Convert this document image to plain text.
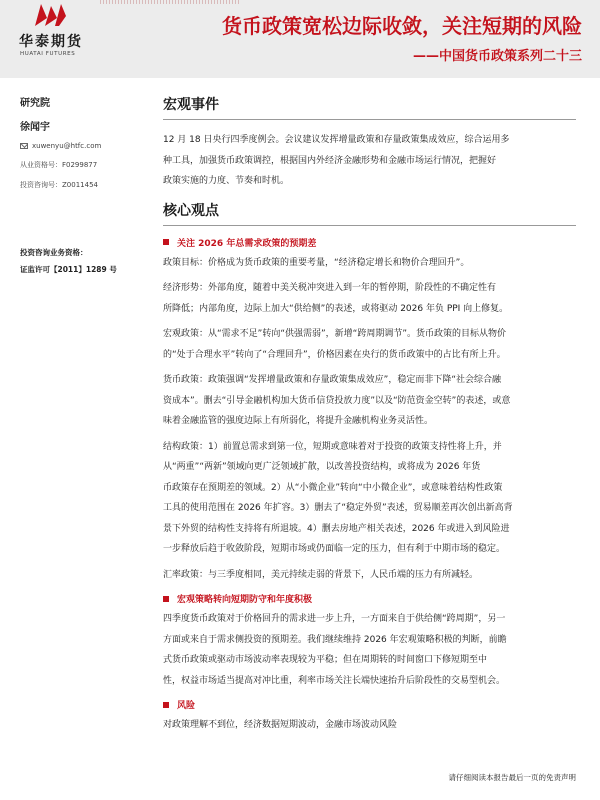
华泰期货
HUATAI FUTURES
货币政策宽松边际收敛，关注短期的风险
——中国货币政策系列二十三
研究院
徐闻宇
xuwenyu@htfc.com
从业资格号：F0299877
投资咨询号：Z0011454
投资咨询业务资格：
证监许可【2011】1289 号
宏观事件
12 月 18 日央行四季度例会。会议建议发挥增量政策和存量政策集成效应，综合运用多
种工具，加强货币政策调控，根据国内外经济金融形势和金融市场运行情况，把握好
政策实施的力度、节奏和时机。
核心观点
关注 2026 年总需求政策的预期差
政策目标：价格成为货币政策的重要考量，“经济稳定增长和物价合理回升”。
经济形势：外部角度，随着中美关税冲突进入到一年的暂停期，阶段性的不确定性有
所降低；内部角度，边际上加大“供给侧”的表述，或将驱动 2026 年负 PPI 向上修复。
宏观政策：从“需求不足”转向“供强需弱”，新增“跨周期调节”。货币政策的目标从物价
的“处于合理水平”转向了“合理回升”，价格因素在央行的货币政策中的占比有所上升。
货币政策：政策强调“发挥增量政策和存量政策集成效应”，稳定而非下降“社会综合融
资成本”。删去“引导金融机构加大货币信贷投放力度”以及“防范资金空转”的表述，或意
味着金融监管的强度边际上有所弱化，将提升金融机构业务灵活性。
结构政策：1）前置总需求到第一位，短期或意味着对于投资的政策支持性将上升，并
从“两重”“两新”领域向更广泛领域扩散，以改善投资结构，或将成为 2026 年货
币政策存在预期差的领域。2）从“小微企业”转向“中小微企业”，或意味着结构性政策
工具的使用范围在 2026 年扩容。3）删去了“稳定外贸”表述，贸易顺差再次创出新高背
景下外贸的结构性支持将有所退坡。4）删去房地产相关表述，2026 年或进入到风险进
一步释放后趋于收敛阶段，短期市场或仍面临一定的压力，但有利于中期市场的稳定。
汇率政策：与三季度相同，美元持续走弱的背景下，人民币端的压力有所减轻。
宏观策略转向短期防守和年度积极
四季度货币政策对于价格回升的需求进一步上升，一方面来自于供给侧“跨周期”，另一
方面或来自于需求侧投资的预期差。我们继续维持 2026 年宏观策略积极的判断，前瞻
式货币政策或驱动市场波动率表现较为平稳；但在周期转的时间窗口下修短期至中
性，权益市场适当提高对冲比重，利率市场关注长端快速抬升后阶段性的交易型机会。
风险
对政策理解不到位，经济数据短期波动，金融市场波动风险
请仔细阅读本报告最后一页的免责声明
